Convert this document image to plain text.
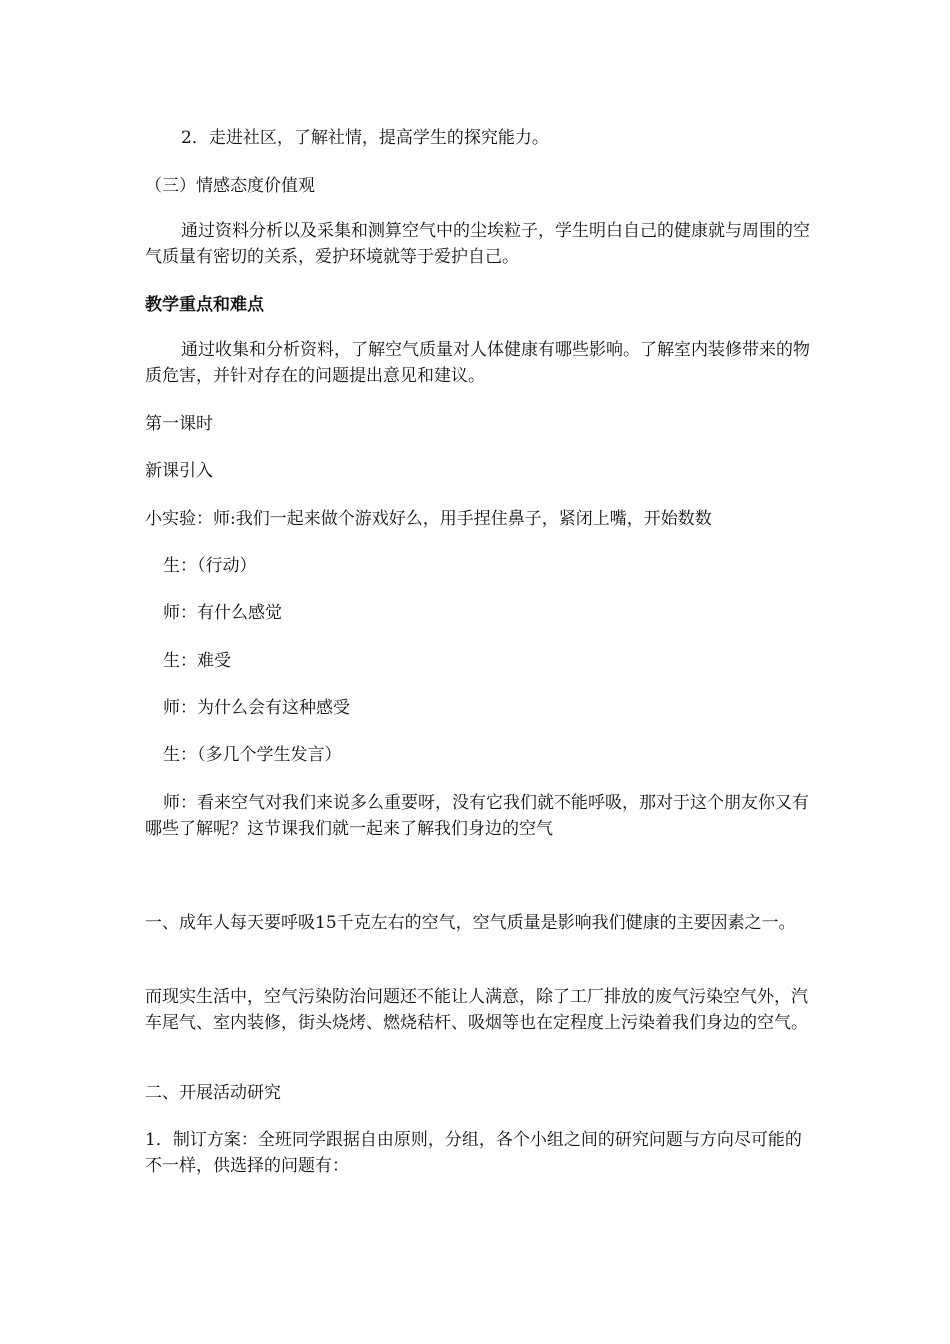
2．走进社区，了解社情，提高学生的探究能力。

（三）情感态度价值观

通过资料分析以及采集和测算空气中的尘埃粒子，学生明白自己的健康就与周围的空气质量有密切的关系，爱护环境就等于爱护自己。

教学重点和难点

通过收集和分析资料，了解空气质量对人体健康有哪些影响。了解室内装修带来的物质危害，并针对存在的问题提出意见和建议。

第一课时

新课引入

小实验：师:我们一起来做个游戏好么，用手捏住鼻子，紧闭上嘴，开始数数

生：（行动）

师：有什么感觉

生：难受

师：为什么会有这种感受

生：（多几个学生发言）

师：看来空气对我们来说多么重要呀，没有它我们就不能呼吸，那对于这个朋友你又有哪些了解呢？这节课我们就一起来了解我们身边的空气

一、成年人每天要呼吸15千克左右的空气，空气质量是影响我们健康的主要因素之一。

而现实生活中，空气污染防治问题还不能让人满意，除了工厂排放的废气污染空气外，汽车尾气、室内装修，街头烧烤、燃烧秸杆、吸烟等也在定程度上污染着我们身边的空气。

二、开展活动研究

1．制订方案：全班同学跟据自由原则，分组，各个小组之间的研究问题与方向尽可能的不一样，供选择的问题有：
